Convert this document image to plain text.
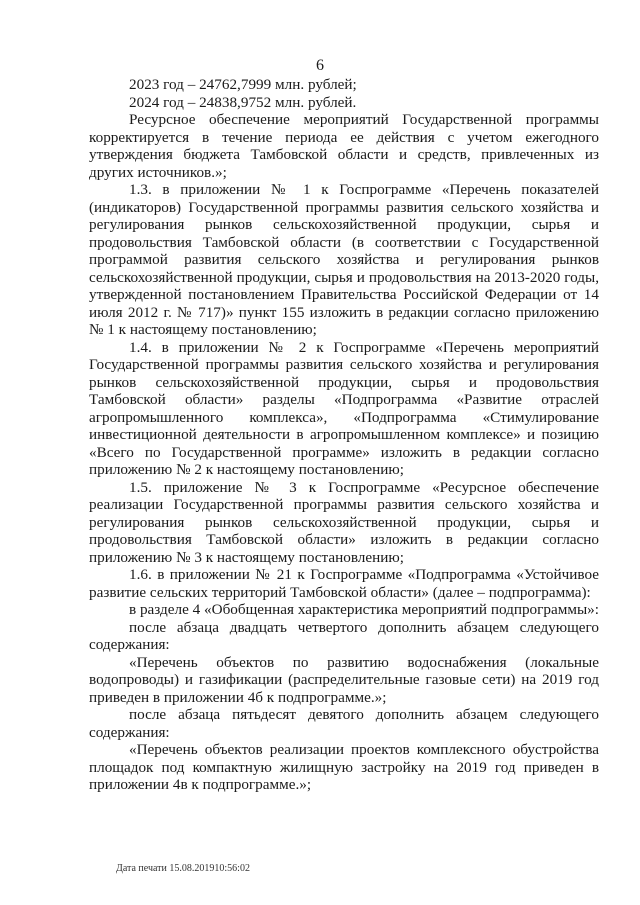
6

2023 год – 24762,7999 млн. рублей;

2024 год – 24838,9752 млн. рублей.

Ресурсное обеспечение мероприятий Государственной программы корректируется в течение периода ее действия с учетом ежегодного утверждения бюджета Тамбовской области и средств, привлеченных из других источников.»;

1.3. в приложении № 1 к Госпрограмме «Перечень показателей (индикаторов) Государственной программы развития сельского хозяйства и регулирования рынков сельскохозяйственной продукции, сырья и продовольствия Тамбовской области (в соответствии с Государственной программой развития сельского хозяйства и регулирования рынков сельскохозяйственной продукции, сырья и продовольствия на 2013-2020 годы, утвержденной постановлением Правительства Российской Федерации от 14 июля 2012 г. № 717)» пункт 155 изложить в редакции согласно приложению № 1 к настоящему постановлению;

1.4. в приложении № 2 к Госпрограмме «Перечень мероприятий Государственной программы развития сельского хозяйства и регулирования рынков сельскохозяйственной продукции, сырья и продовольствия Тамбовской области» разделы «Подпрограмма «Развитие отраслей агропромышленного комплекса», «Подпрограмма «Стимулирование инвестиционной деятельности в агропромышленном комплексе» и позицию «Всего по Государственной программе» изложить в редакции согласно приложению № 2 к настоящему постановлению;

1.5. приложение № 3 к Госпрограмме «Ресурсное обеспечение реализации Государственной программы развития сельского хозяйства и регулирования рынков сельскохозяйственной продукции, сырья и продовольствия Тамбовской области» изложить в редакции согласно приложению № 3 к настоящему постановлению;

1.6. в приложении № 21 к Госпрограмме «Подпрограмма «Устойчивое развитие сельских территорий Тамбовской области» (далее – подпрограмма):

в разделе 4 «Обобщенная характеристика мероприятий подпрограммы»:

после абзаца двадцать четвертого дополнить абзацем следующего содержания:

«Перечень объектов по развитию водоснабжения (локальные водопроводы) и газификации (распределительные газовые сети) на 2019 год приведен в приложении 4б к подпрограмме.»;

после абзаца пятьдесят девятого дополнить абзацем следующего содержания:

«Перечень объектов реализации проектов комплексного обустройства площадок под компактную жилищную застройку на 2019 год приведен в приложении 4в к подпрограмме.»;

Дата печати 15.08.201910:56:02
